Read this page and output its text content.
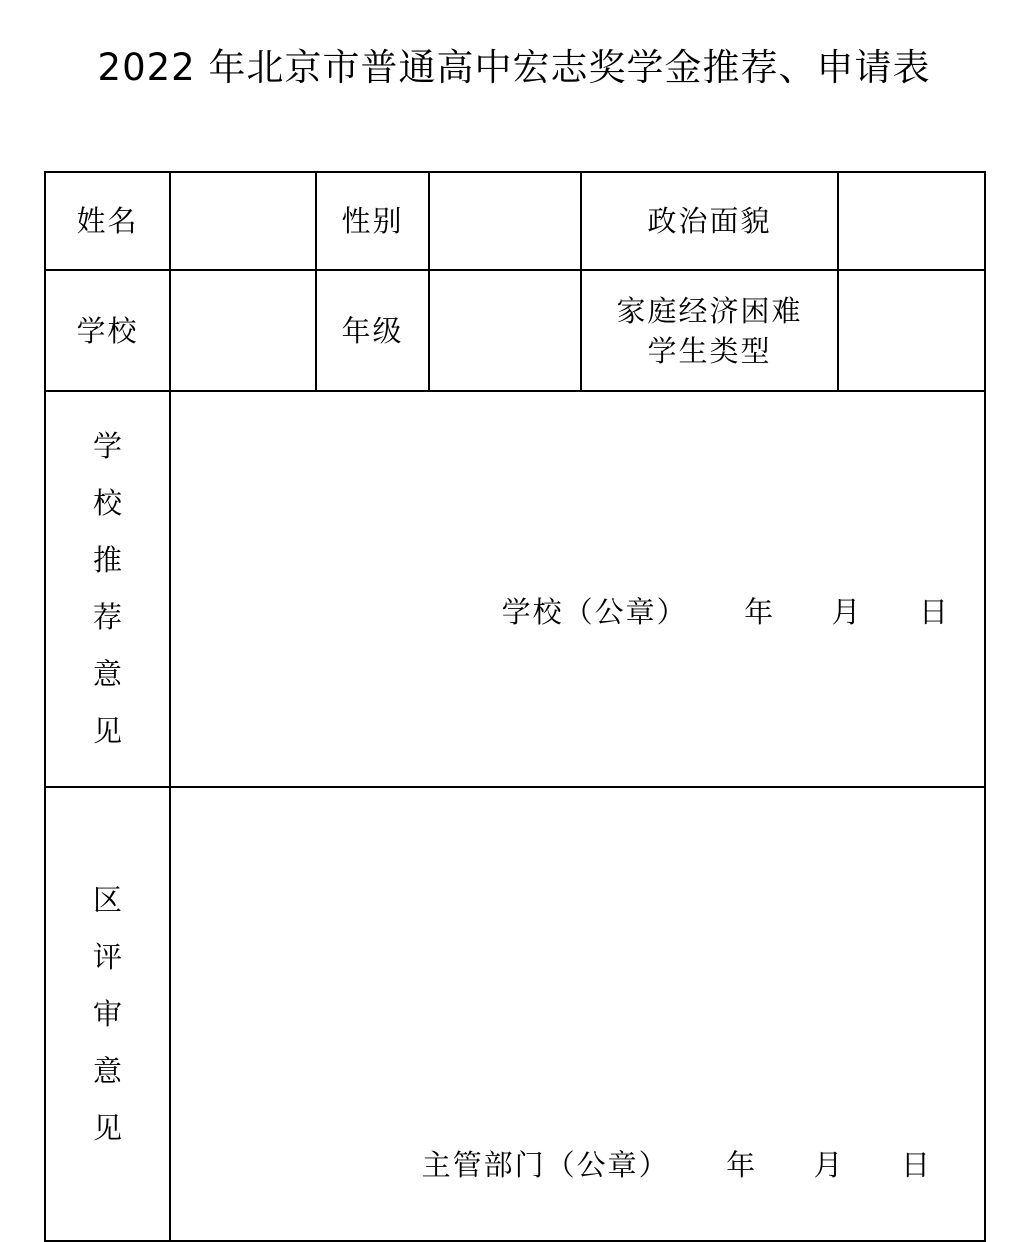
2022 年北京市普通高中宏志奖学金推荐、申请表
姓名		性别		政治面貌	
学校		年级		家庭经济困难学生类型	
学校推荐意见	学校（公章） 年 月 日				

区评审意见	主管部门（公章） 年 月 日				
